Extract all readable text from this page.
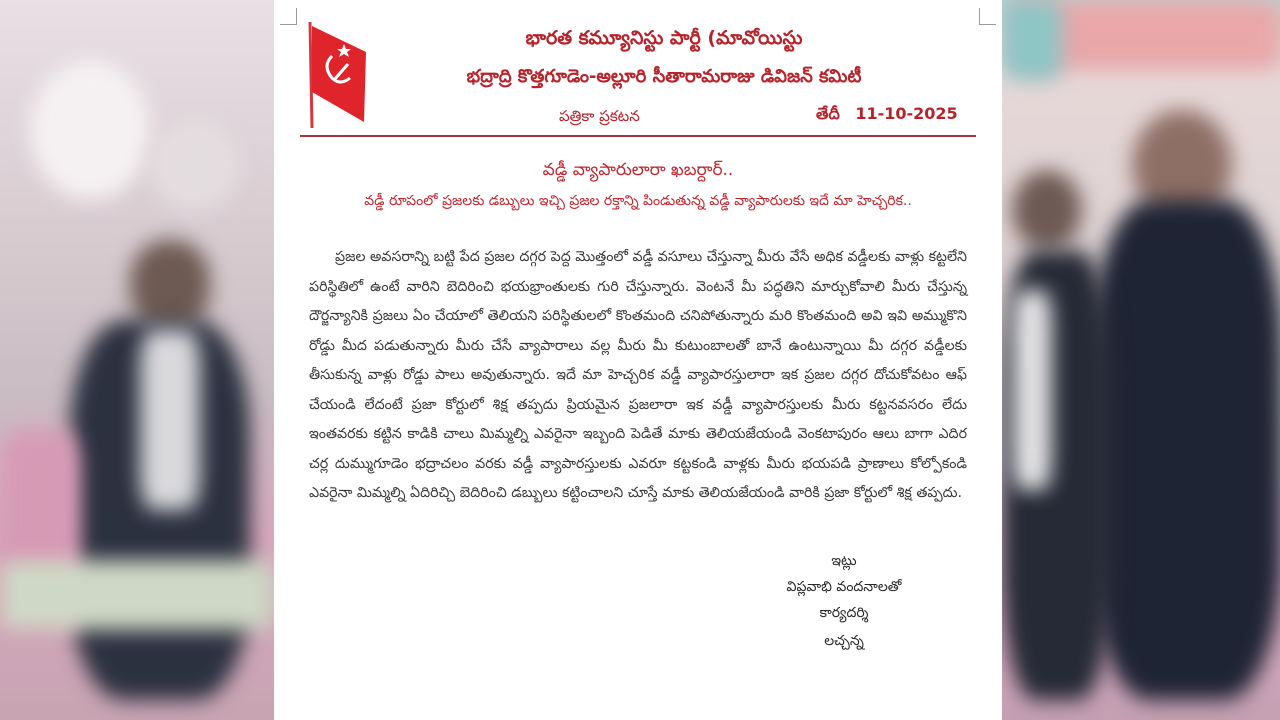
భారత కమ్యూనిస్టు పార్టీ (మావోయిస్టు
భద్రాద్రి కొత్తగూడెం-అల్లూరి సీతారామరాజు డివిజన్ కమిటీ
పత్రికా ప్రకటన	తేదీ 11-10-2025
వడ్డీ వ్యాపారులారా ఖబర్దార్..
వడ్డీ రూపంలో ప్రజలకు డబ్బులు ఇచ్చి ప్రజల రక్తాన్ని పిండుతున్న వడ్డీ వ్యాపారులకు ఇదే మా హెచ్చరిక..
ప్రజల అవసరాన్ని బట్టి పేద ప్రజల దగ్గర పెద్ద మొత్తంలో వడ్డీ వసూలు చేస్తున్నా మీరు వేసే అధిక వడ్డీలకు వాళ్లు కట్టలేని పరిస్థితిలో ఉంటే వారిని బెదిరించి భయభ్రాంతులకు గురి చేస్తున్నారు. వెంటనే మీ పద్ధతిని మార్చుకోవాలి మీరు చేస్తున్న దౌర్జన్యానికి ప్రజలు ఏం చేయాలో తెలియని పరిస్థితులలో కొంతమంది చనిపోతున్నారు మరి కొంతమంది అవి ఇవి అమ్ముకొని రోడ్డు మీద పడుతున్నారు మీరు చేసే వ్యాపారాలు వల్ల మీరు మీ కుటుంబాలతో బానే ఉంటున్నాయి మీ దగ్గర వడ్డీలకు తీసుకున్న వాళ్లు రోడ్డు పాలు అవుతున్నారు. ఇదే మా హెచ్చరిక వడ్డీ వ్యాపారస్తులారా ఇక ప్రజల దగ్గర దోచుకోవటం ఆఫ్ చేయండి లేదంటే ప్రజా కోర్టులో శిక్ష తప్పదు ప్రియమైన ప్రజలారా ఇక వడ్డీ వ్యాపారస్తులకు మీరు కట్టనవసరం లేదు ఇంతవరకు కట్టిన కాడికి చాలు మిమ్మల్ని ఎవరైనా ఇబ్బంది పెడితే మాకు తెలియజేయండి వెంకటాపురం ఆలు బాగా ఎదిర చర్ల దుమ్ముగూడెం భద్రాచలం వరకు వడ్డీ వ్యాపారస్తులకు ఎవరూ కట్టకండి వాళ్లకు మీరు భయపడి ప్రాణాలు కోల్పోకండి ఎవరైనా మిమ్మల్ని ఏదిరిచ్చి బెదిరించి డబ్బులు కట్టించాలని చూస్తే మాకు తెలియజేయండి వారికి ప్రజా కోర్టులో శిక్ష తప్పదు.
ఇట్లు
విప్లవాభి వందనాలతో
కార్యదర్శి
లచ్చన్న
